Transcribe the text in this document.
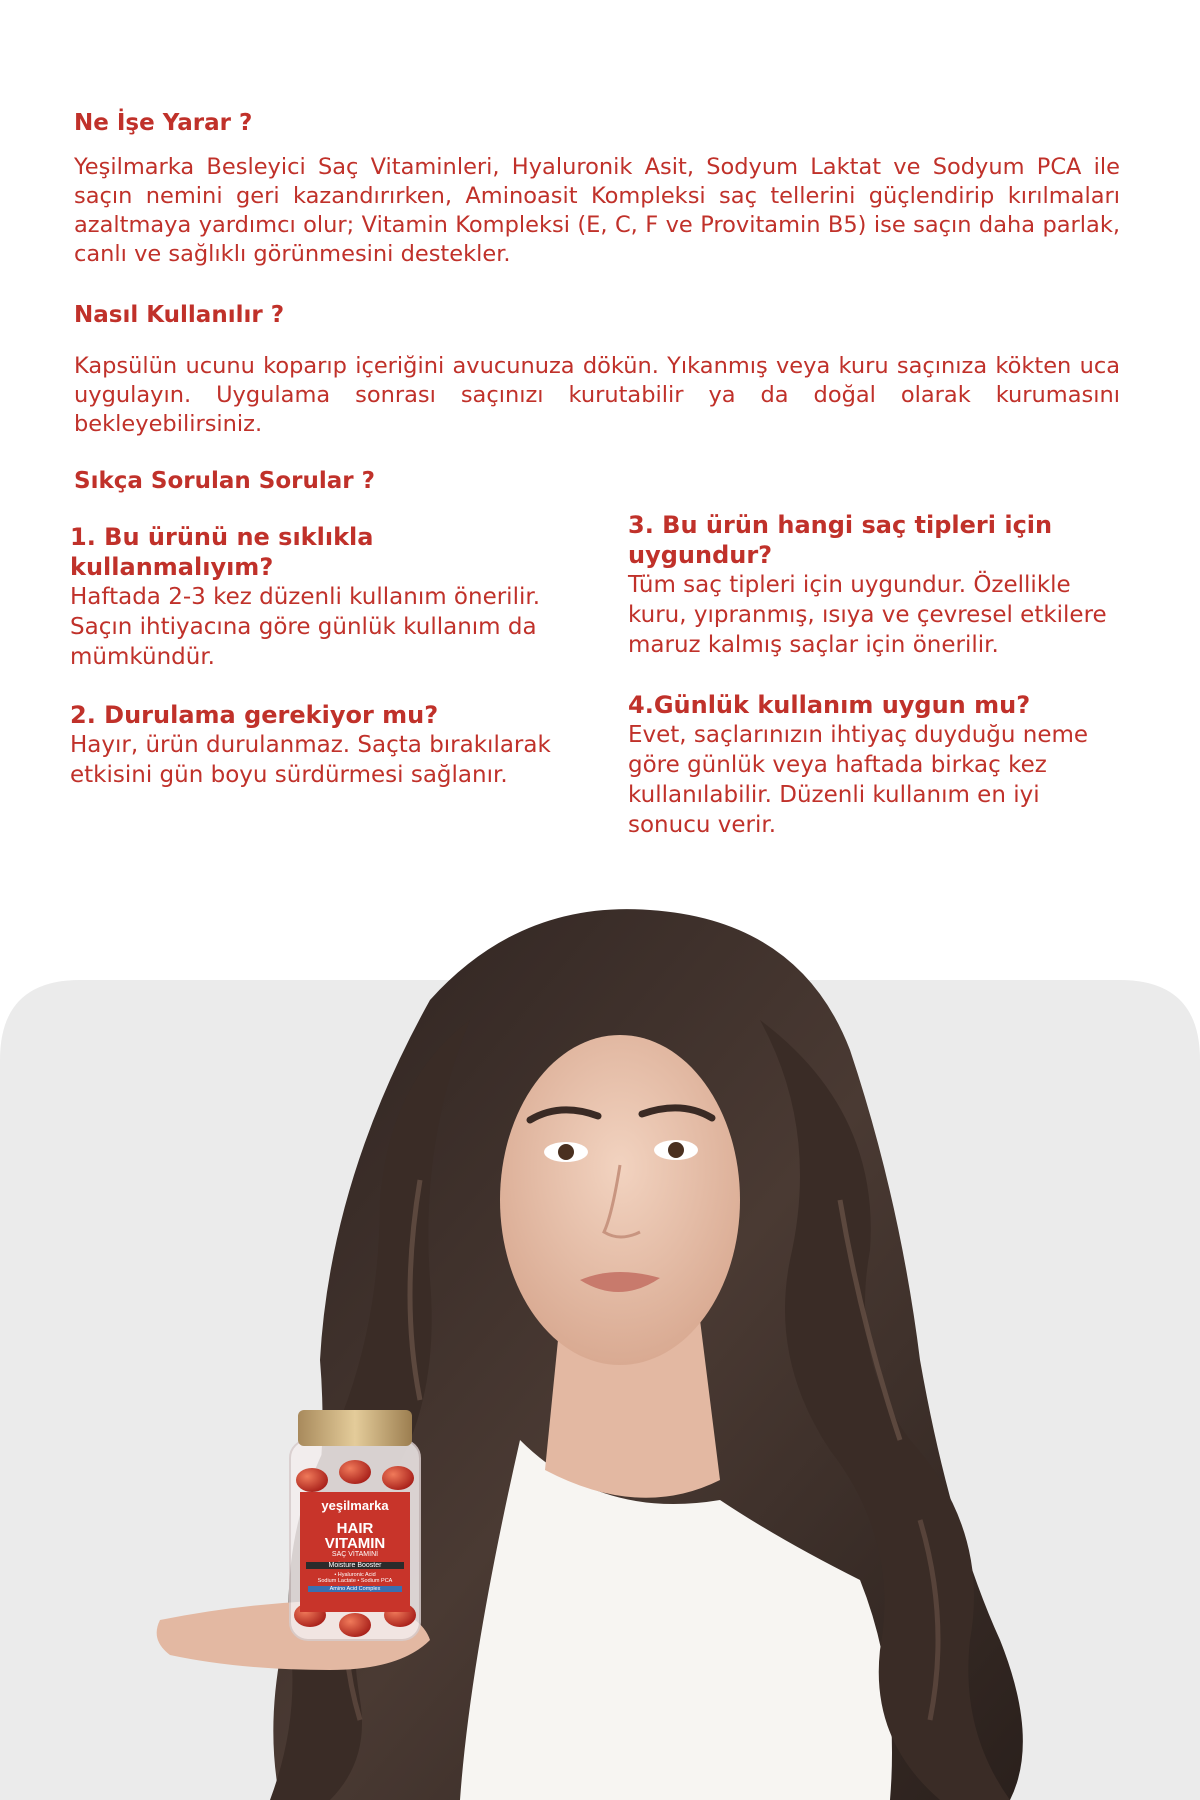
Ne İşe Yarar ?

Yeşilmarka Besleyici Saç Vitaminleri, Hyaluronik Asit, Sodyum Laktat ve Sodyum PCA ile saçın nemini geri kazandırırken, Aminoasit Kompleksi saç tellerini güçlendirip kırılmaları azaltmaya yardımcı olur; Vitamin Kompleksi (E, C, F ve Provitamin B5) ise saçın daha parlak, canlı ve sağlıklı görünmesini destekler.

Nasıl Kullanılır ?

Kapsülün ucunu koparıp içeriğini avucunuza dökün. Yıkanmış veya kuru saçınıza kökten uca uygulayın. Uygulama sonrası saçınızı kurutabilir ya da doğal olarak kurumasını bekleyebilirsiniz.

Sıkça Sorulan Sorular ?

1. Bu ürünü ne sıklıkla kullanmalıyım?

Haftada 2-3 kez düzenli kullanım önerilir. Saçın ihtiyacına göre günlük kullanım da mümkündür.

2. Durulama gerekiyor mu?

Hayır, ürün durulanmaz. Saçta bırakılarak etkisini gün boyu sürdürmesi sağlanır.

3. Bu ürün hangi saç tipleri için uygundur?

Tüm saç tipleri için uygundur. Özellikle kuru, yıpranmış, ısıya ve çevresel etkilere maruz kalmış saçlar için önerilir.

4.Günlük kullanım uygun mu?

Evet, saçlarınızın ihtiyaç duyduğu neme göre günlük veya haftada birkaç kez kullanılabilir. Düzenli kullanım en iyi sonucu verir.

yeşilmarka
HAIR
VITAMIN
SAÇ VİTAMİNİ
Moisture Booster
• Hyaluronic Acid
Sodium Lactate • Sodium PCA
Amino Acid Complex
